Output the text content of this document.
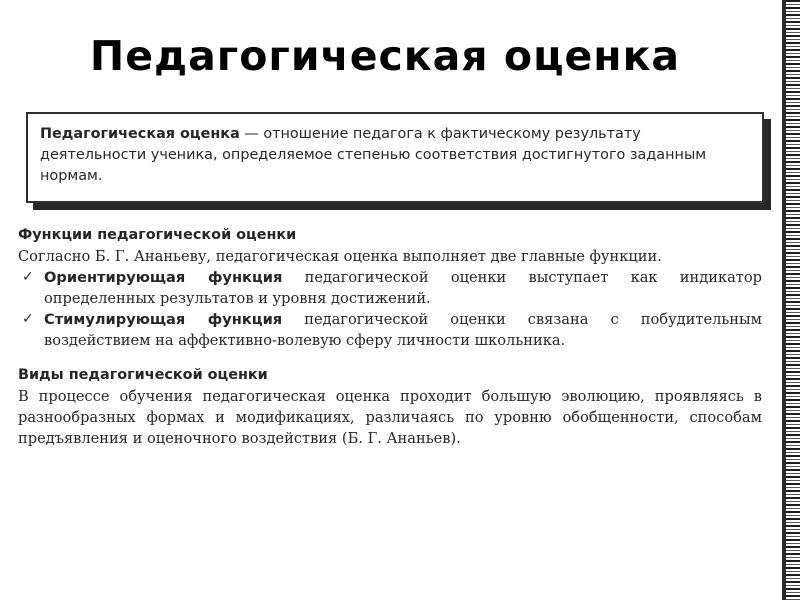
Педагогическая оценка
Педагогическая оценка — отношение педагога к фактическому результату деятельности ученика, определяемое степенью соответствия достигнутого заданным нормам.
Функции педагогической оценки

Согласно Б. Г. Ананьеву, педагогическая оценка выполняет две главные функции.

✓ Ориентирующая функция педагогической оценки выступает как индикатор определенных результатов и уровня достижений.
✓ Стимулирующая функция педагогической оценки связана с побудительным воздействием на аффективно-волевую сферу личности школьника.
Виды педагогической оценки

В процессе обучения педагогическая оценка проходит большую эволюцию, проявляясь в разнообразных формах и модификациях, различаясь по уровню обобщенности, способам предъявления и оценочного воздействия (Б. Г. Ананьев).
